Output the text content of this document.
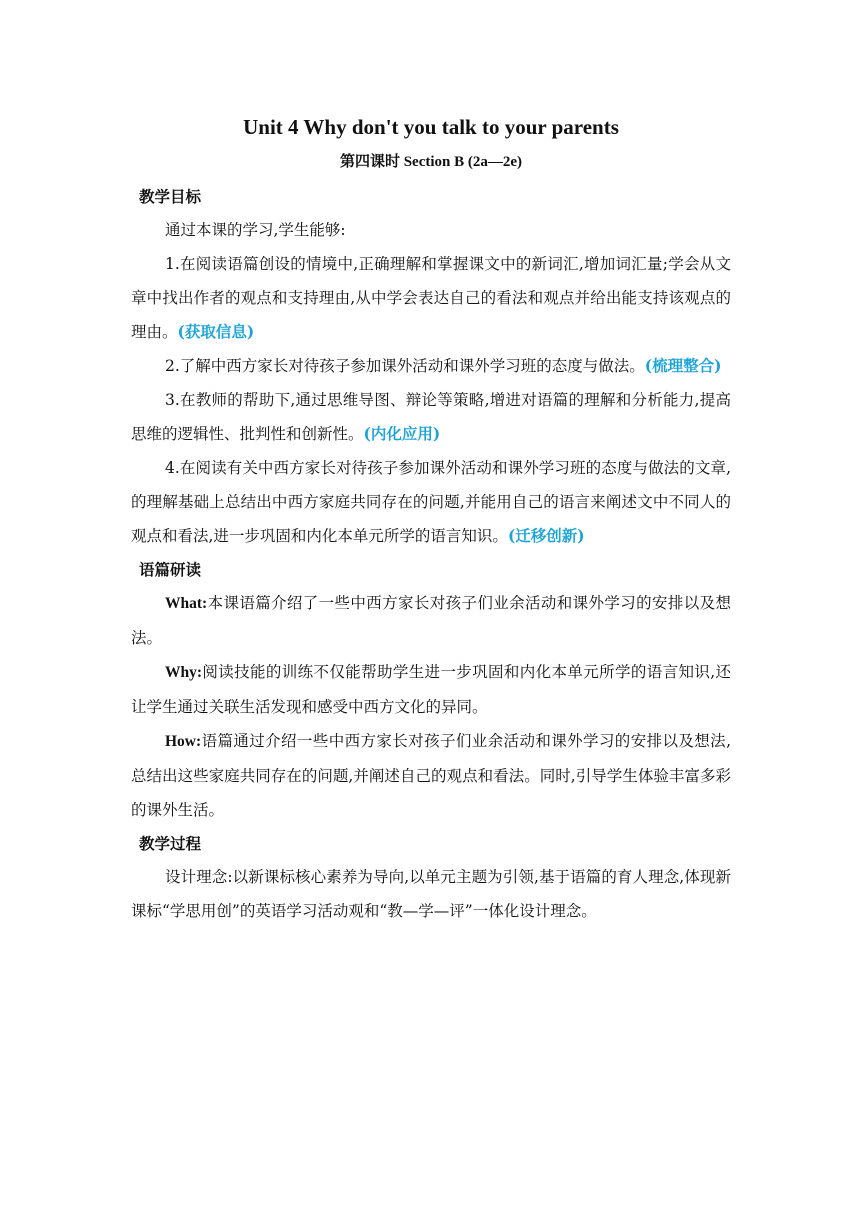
Unit 4 Why don't you talk to your parents
第四课时 Section B (2a—2e)
教学目标

通过本课的学习,学生能够:

1.在阅读语篇创设的情境中,正确理解和掌握课文中的新词汇,增加词汇量;学会从文章中找出作者的观点和支持理由,从中学会表达自己的看法和观点并给出能支持该观点的理由。(获取信息)

2.了解中西方家长对待孩子参加课外活动和课外学习班的态度与做法。(梳理整合)

3.在教师的帮助下,通过思维导图、辩论等策略,增进对语篇的理解和分析能力,提高思维的逻辑性、批判性和创新性。(内化应用)

4.在阅读有关中西方家长对待孩子参加课外活动和课外学习班的态度与做法的文章,的理解基础上总结出中西方家庭共同存在的问题,并能用自己的语言来阐述文中不同人的观点和看法,进一步巩固和内化本单元所学的语言知识。(迁移创新)

语篇研读

What:本课语篇介绍了一些中西方家长对孩子们业余活动和课外学习的安排以及想法。

Why:阅读技能的训练不仅能帮助学生进一步巩固和内化本单元所学的语言知识,还让学生通过关联生活发现和感受中西方文化的异同。

How:语篇通过介绍一些中西方家长对孩子们业余活动和课外学习的安排以及想法,总结出这些家庭共同存在的问题,并阐述自己的观点和看法。同时,引导学生体验丰富多彩的课外生活。

教学过程

设计理念:以新课标核心素养为导向,以单元主题为引领,基于语篇的育人理念,体现新课标“学思用创”的英语学习活动观和“教—学—评”一体化设计理念。
